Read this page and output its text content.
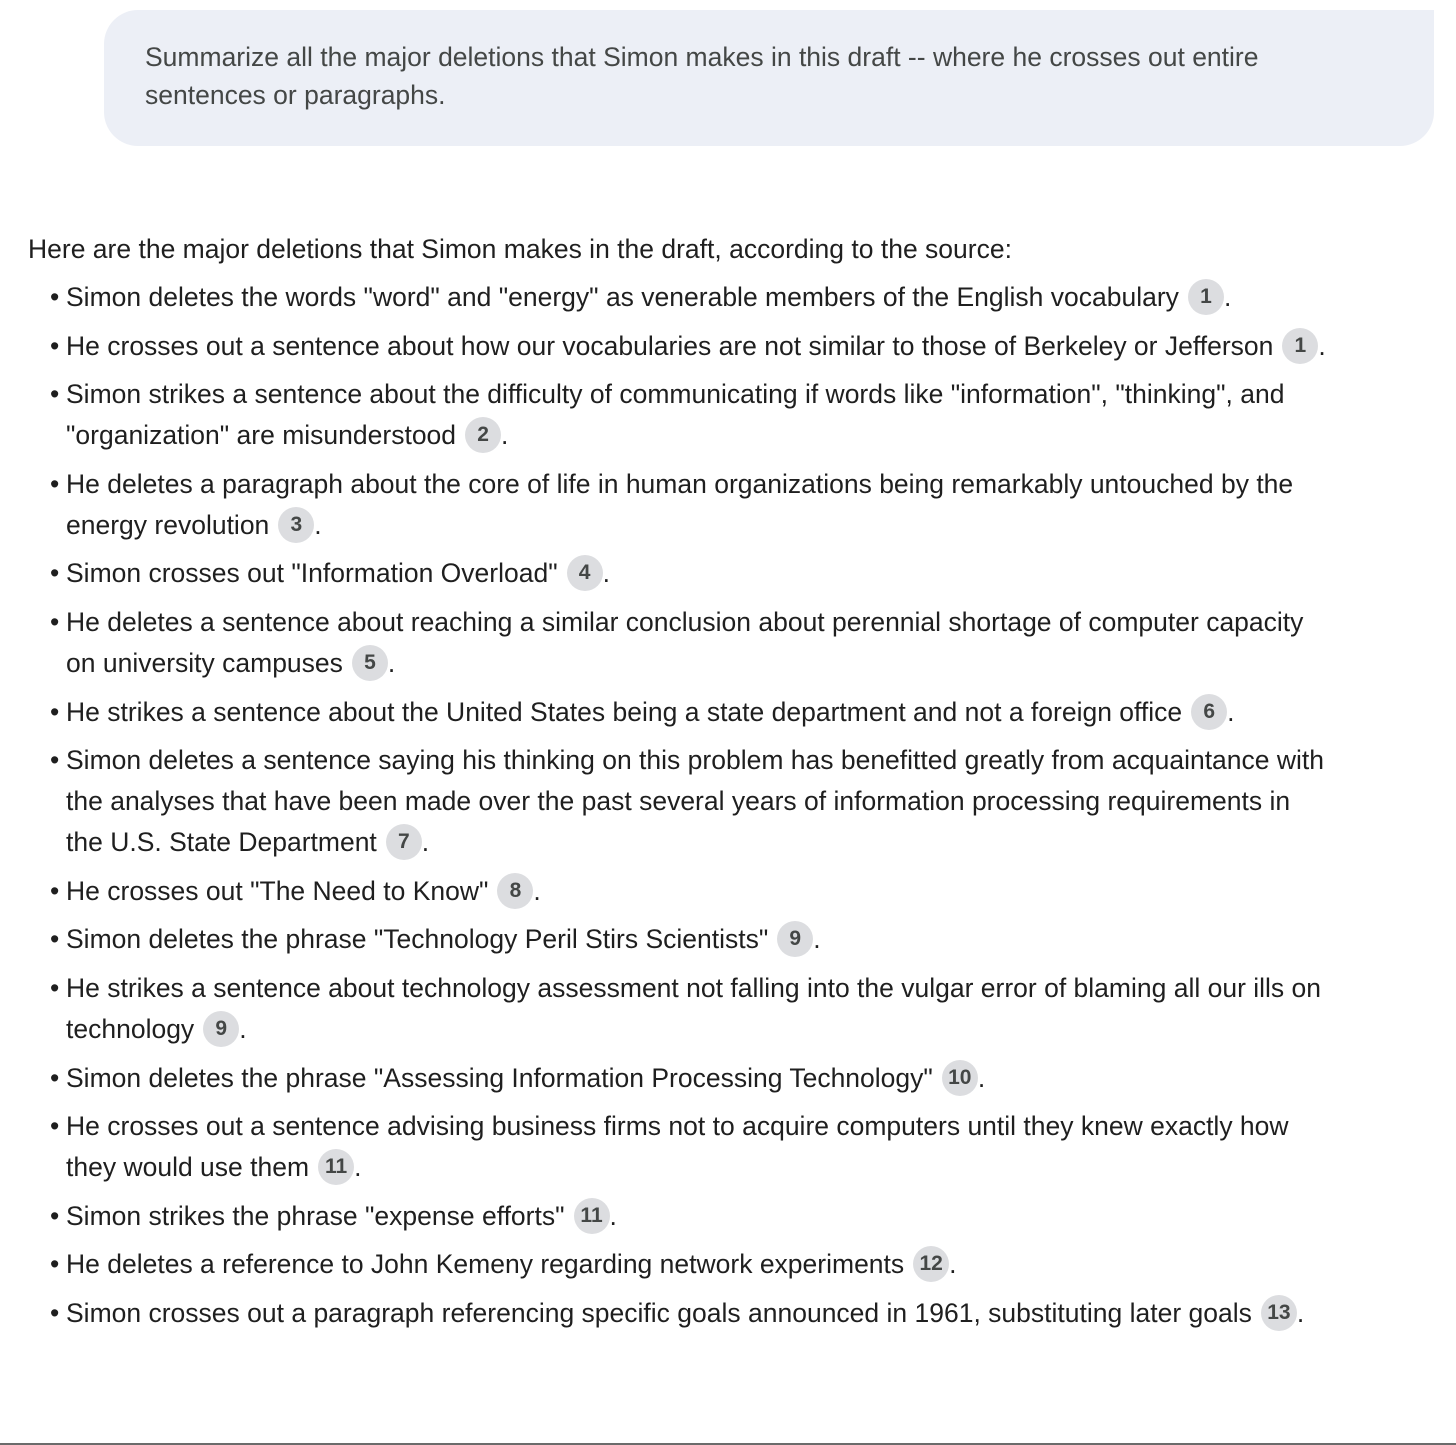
Summarize all the major deletions that Simon makes in this draft -- where he crosses out entire sentences or paragraphs.
Here are the major deletions that Simon makes in the draft, according to the source:
• Simon deletes the words "word" and "energy" as venerable members of the English vocabulary 1 .
• He crosses out a sentence about how our vocabularies are not similar to those of Berkeley or Jefferson 1 .
• Simon strikes a sentence about the difficulty of communicating if words like "information", "thinking", and "organization" are misunderstood 2 .
• He deletes a paragraph about the core of life in human organizations being remarkably untouched by the energy revolution 3 .
• Simon crosses out "Information Overload" 4 .
• He deletes a sentence about reaching a similar conclusion about perennial shortage of computer capacity on university campuses 5 .
• He strikes a sentence about the United States being a state department and not a foreign office 6 .
• Simon deletes a sentence saying his thinking on this problem has benefitted greatly from acquaintance with the analyses that have been made over the past several years of information processing requirements in the U.S. State Department 7 .
• He crosses out "The Need to Know" 8 .
• Simon deletes the phrase "Technology Peril Stirs Scientists" 9 .
• He strikes a sentence about technology assessment not falling into the vulgar error of blaming all our ills on technology 9 .
• Simon deletes the phrase "Assessing Information Processing Technology" 10 .
• He crosses out a sentence advising business firms not to acquire computers until they knew exactly how they would use them 11 .
• Simon strikes the phrase "expense efforts" 11 .
• He deletes a reference to John Kemeny regarding network experiments 12 .
• Simon crosses out a paragraph referencing specific goals announced in 1961, substituting later goals 13 .
